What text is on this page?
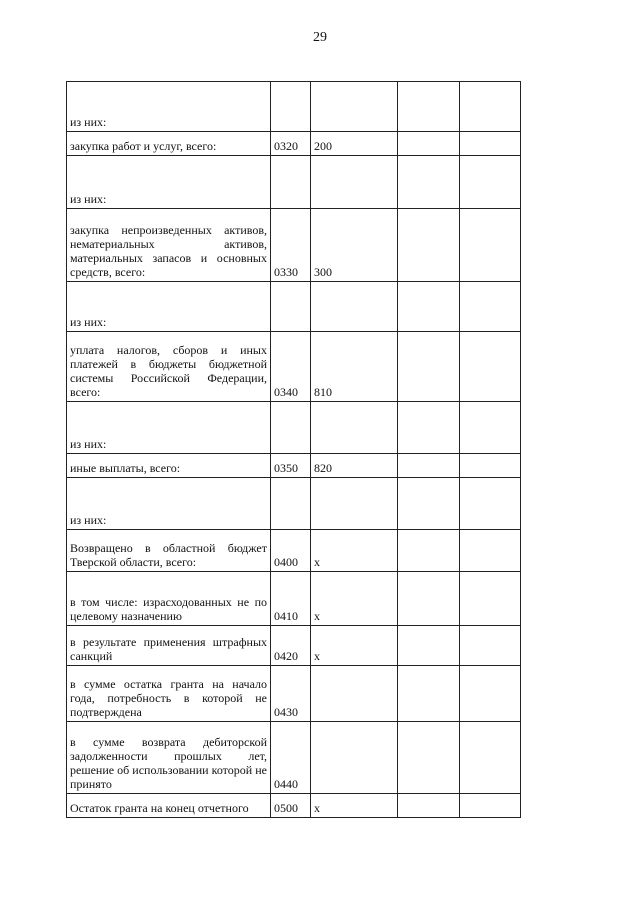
29
из них:				
закупка работ и услуг, всего:	0320	200		
из них:				
закупка непроизведенных активов, нематериальных активов, материальных запасов и основных средств, всего:	0330	300		
из них:				
уплата налогов, сборов и иных платежей в бюджеты бюджетной системы Российской Федерации, всего:	0340	810		
из них:				
иные выплаты, всего:	0350	820		
из них:				
Возвращено в областной бюджет Тверской области, всего:	0400	x		
в том числе: израсходованных не по целевому назначению	0410	x		
в результате применения штрафных санкций	0420	x		
в сумме остатка гранта на начало года, потребность в которой не подтверждена	0430			
в сумме возврата дебиторской задолженности прошлых лет, решение об использовании которой не принято	0440			
Остаток гранта на конец отчетного	0500	x		
